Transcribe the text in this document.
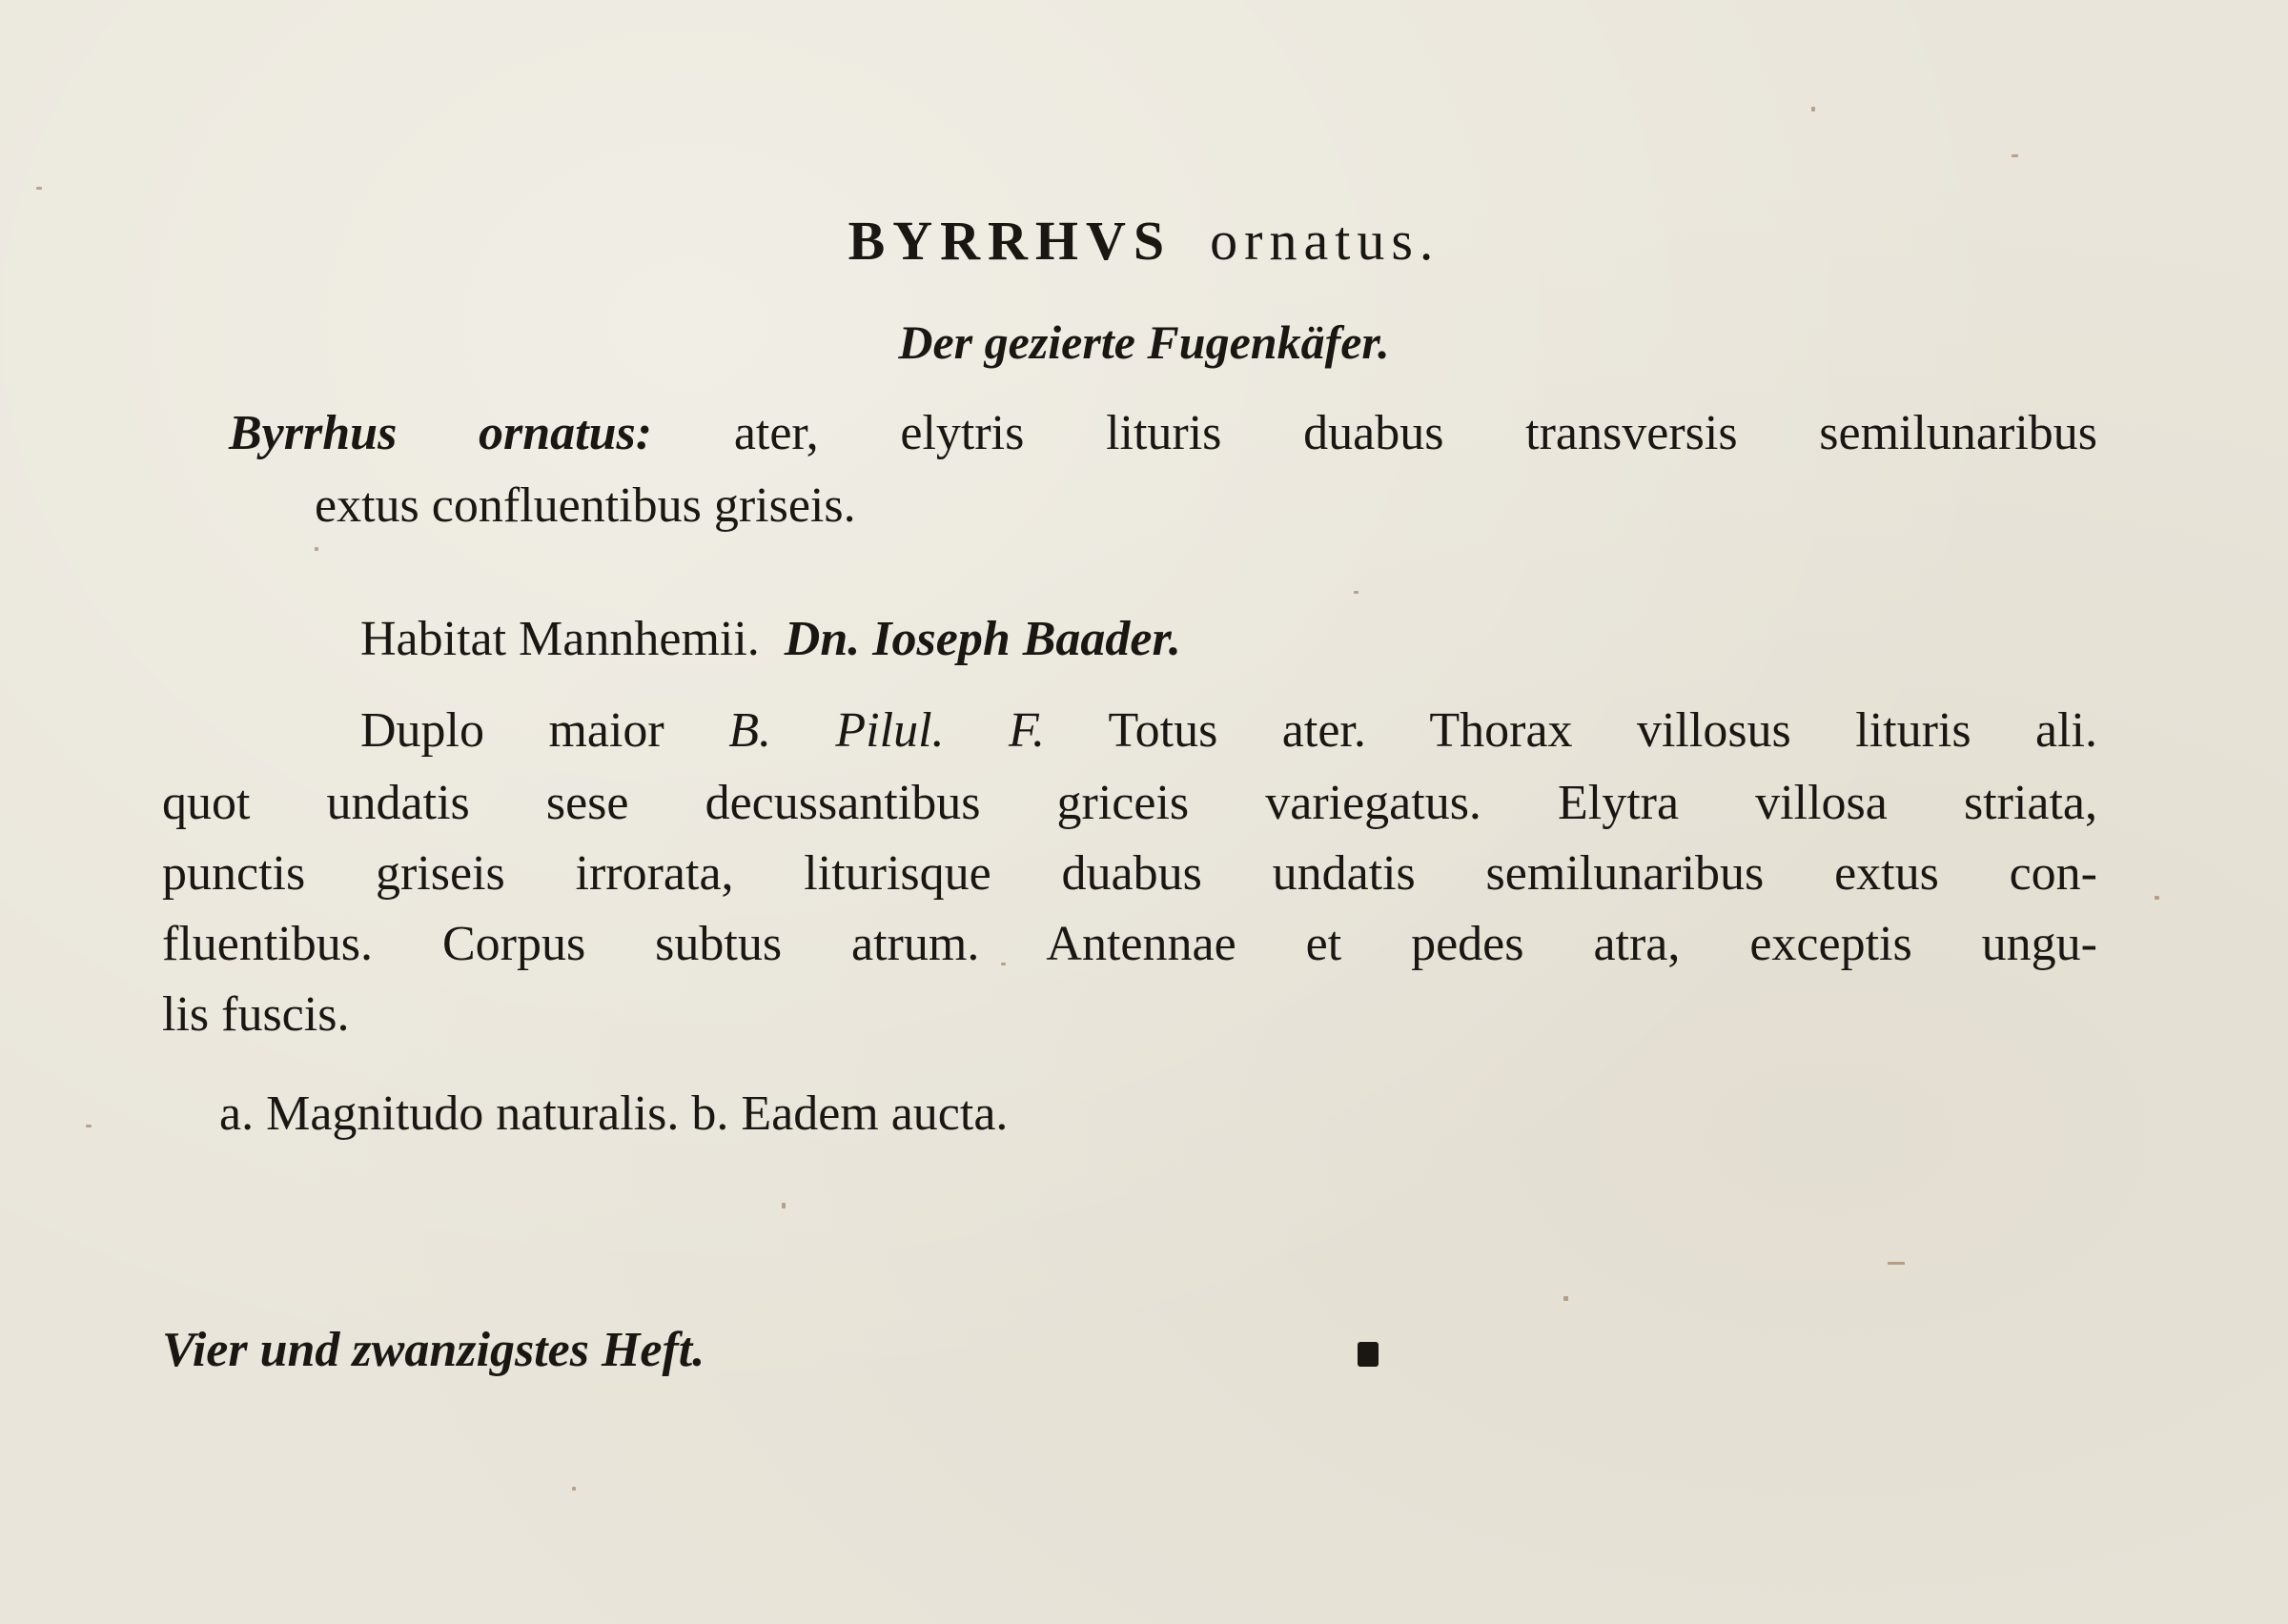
BYRRHVS ornatus.
Der gezierte Fugenkäfer.
Byrrhus ornatus: ater, elytris lituris duabus transversis semilunaribus
extus confluentibus griseis.
Habitat Mannhemii. Dn. Ioseph Baader.
Duplo maior B. Pilul. F. Totus ater. Thorax villosus lituris ali.
quot undatis sese decussantibus griceis variegatus. Elytra villosa striata,
punctis griseis irrorata, liturisque duabus undatis semilunaribus extus con-
fluentibus. Corpus subtus atrum. Antennae et pedes atra, exceptis ungu-
lis fuscis.
a. Magnitudo naturalis. b. Eadem aucta.
Vier und zwanzigstes Heft.
